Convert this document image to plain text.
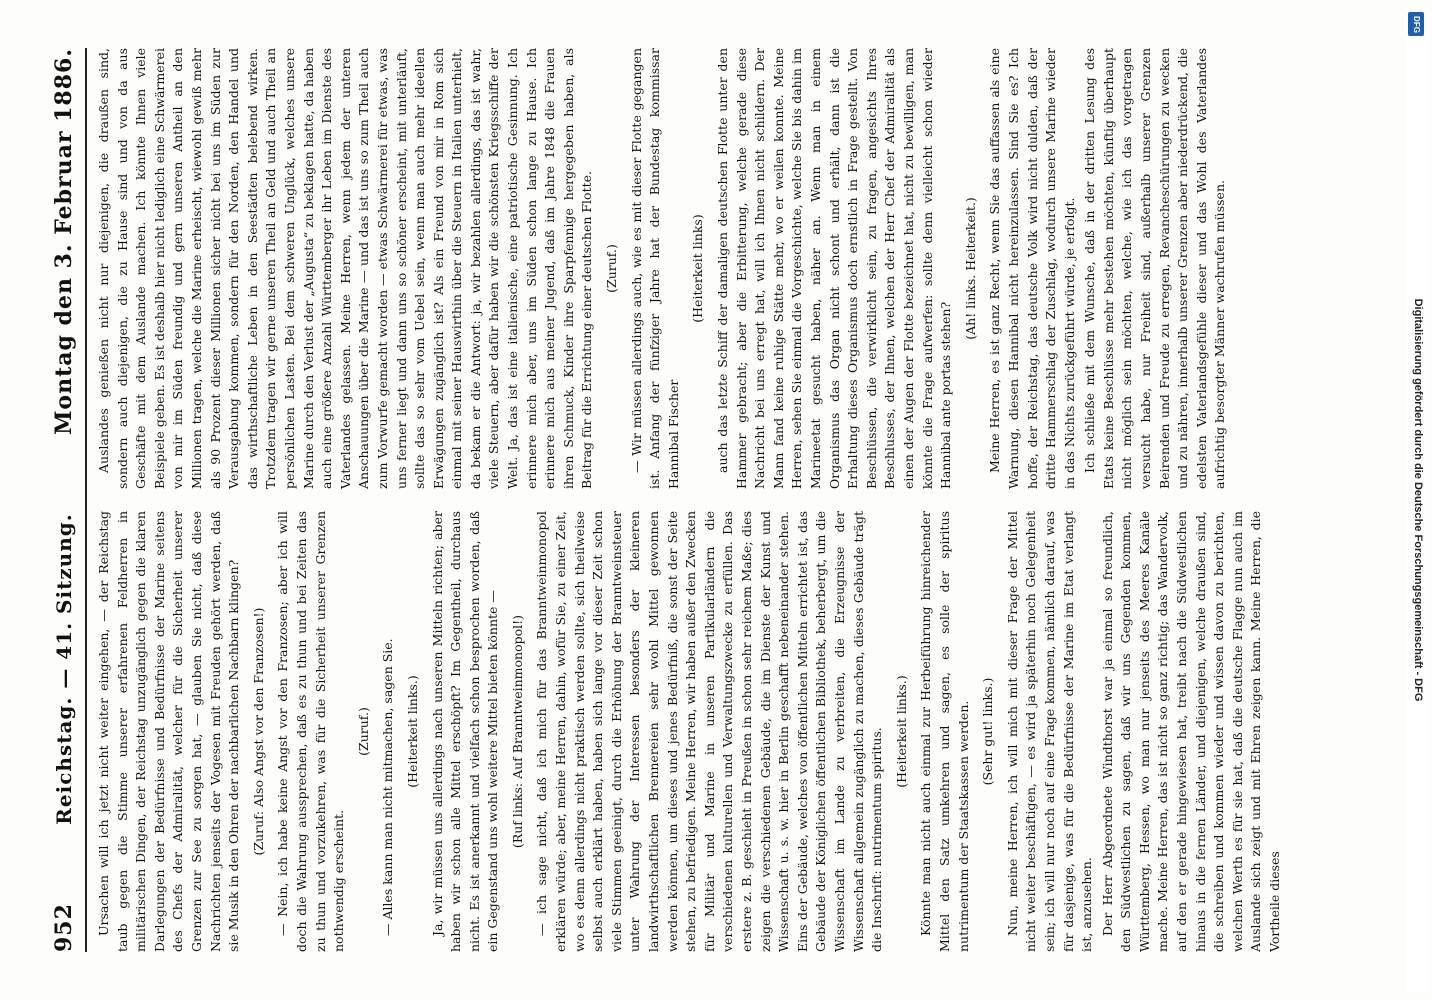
952
Reichstag. — 41. Sitzung.
Montag den 3. Februar 1886.

Ursachen will ich jetzt nicht weiter eingehen, — der Reichstag taub gegen die Stimme unserer erfahrenen Feldherren in militärischen Dingen, der Reichstag unzugänglich gegen die klaren Darlegungen der Bedürfnisse und Bedürfnisse der Marine seitens des Chefs der Admiralität, welcher für die Sicherheit unserer Grenzen zur See zu sorgen hat, — glauben Sie nicht, daß diese Nachrichten jenseits der Vogesen mit Freuden gehört werden, daß sie Musik in den Ohren der nachbarlichen Nachbarn klingen? (Zuruf: Also Angst vor den Franzosen!) — Nein, ich habe keine Angst vor den Franzosen; aber ich will doch die Wahrung aussprechen, daß es zu thun und bei Zeiten das zu thun und vorzukehren, was für die Sicherheit unserer Grenzen nothwendig erscheint.

(Zuruf.) — Alles kann man nicht mitmachen, sagen Sie. (Heiterkeit links.) Ja, wir müssen uns allerdings nach unseren Mitteln richten; aber haben wir schon alle Mittel erschöpft? Im Gegentheil, durchaus nicht. Es ist anerkannt und vielfach schon besprochen worden, daß ein Gegenstand uns wohl weitere Mittel bieten könnte — (Ruf links: Auf Branntweinmonopol!) — ich sage nicht, daß ich mich für das Branntweinmonopol erklären würde; aber, meine Herren, dahin, wofür Sie, zu einer Zeit, wo es denn allerdings nicht praktisch werden sollte, sich theilweise selbst auch erklärt haben, haben sich lange vor dieser Zeit schon viele Stimmen geeinigt, durch die Erhöhung der Branntweinsteuer unter Wahrung der Interessen besonders der kleineren landwirthschaftlichen Brennereien sehr wohl Mittel gewonnen werden können, um dieses und jenes Bedürfniß, die sonst der Seite stehen, zu befriedigen. Meine Herren, wir haben außer den Zwecken für Militär und Marine in unseren Partikularländern die verschiedenen kulturellen und Verwaltungszwecke zu erfüllen. Das erstere z. B. geschieht in Preußen in schon sehr reichem Maße; dies zeigen die verschiedenen Gebäude, die im Dienste der Kunst und Wissenschaft u. s. w. hier in Berlin geschafft nebeneinander stehen. Eins der Gebäude, welches von öffentlichen Mitteln errichtet ist, das Gebäude der Königlichen öffentlichen Bibliothek, beherbergt, um die Wissenschaft im Lande zu verbreiten, die Erzeugnisse der Wissenschaft allgemein zugänglich zu machen, dieses Gebäude trägt die Inschrift: nutrimentum spiritus. (Heiterkeit links.) Könnte man nicht auch einmal zur Herbeiführung hinreichender Mittel den Satz umkehren und sagen, es solle der spiritus nutrimentum der Staatskassen werden. (Sehr gut! links.) Nun, meine Herren, ich will mich mit dieser Frage der Mittel nicht weiter beschäftigen, — es wird ja späterhin noch Gelegenheit sein; ich will nur noch auf eine Frage kommen, nämlich darauf, was für dasjenige, was für die Bedürfnisse der Marine im Etat verlangt ist, anzusehen. Der Herr Abgeordnete Windthorst war ja einmal so freundlich, den Südwestlichen zu sagen, daß wir uns Gegenden kommen, Württemberg, Hessen, wo man nur jenseits des Meeres Kanäle mache. Meine Herren, das ist nicht so ganz richtig; das Wandervolk, auf den er gerade hingewiesen hat, treibt nach die Südwestlichen hinaus in die fernen Länder, und diejenigen, welche draußen sind, die schreiben und kommen wieder und wissen davon zu berichten, welchen Werth es für sie hat, daß die deutsche Flagge nun auch im Auslande sich zeigt und mit Ehren zeigen kann. Meine Herren, die Vortheile dieses

Auslandes genießen nicht nur diejenigen, die draußen sind, sondern auch diejenigen, die zu Hause sind und von da aus Geschäfte mit dem Auslande machen. Ich könnte Ihnen viele Beispiele geben. Es ist deshalb hier nicht lediglich eine Schwärmerei von mir im Süden freundig und gern unseren Antheil an den Millionen tragen, welche die Marine erheischt, wiewohl gewiß mehr als 90 Prozent dieser Millionen sicher nicht bei uns im Süden zur Verausgabung kommen, sondern für den Norden, den Handel und das wirthschaftliche Leben in den Seestädten belebend wirken. Trotzdem tragen wir gerne unseren Theil an Geld und auch Theil an persönlichen Lasten. Bei dem schweren Unglück, welches unsere Marine durch den Verlust der „Augusta“ zu beklagen hatte, da haben auch eine größere Anzahl Württemberger ihr Leben im Dienste des Vaterlandes gelassen. Meine Herren, wenn jedem der unteren Anschauungen über die Marine — und das ist uns so zum Theil auch zum Vorwurfe gemacht worden — etwas Schwärmerei für etwas, was uns ferner liegt und dann uns so schöner erscheint, mit unterläuft, sollte das so sehr vom Uebel sein, wenn man auch mehr ideellen Erwägungen zugänglich ist? Als ein Freund von mir in Rom sich einmal mit seiner Hauswirthin über die Steuern in Italien unterhielt, da bekam er die Antwort: ja, wir bezahlen allerdings, das ist wahr, viele Steuern, aber dafür haben wir die schönsten Kriegsschiffe der Welt. Ja, das ist eine italienische, eine patriotische Gesinnung. Ich erinnere mich aber, uns im Süden schon lange zu Hause. Ich erinnere mich aus meiner Jugend, daß im Jahre 1848 die Frauen ihren Schmuck, Kinder ihre Sparpfennige hergegeben haben, als Beitrag für die Errichtung einer deutschen Flotte. (Zuruf.) — Wir müssen allerdings auch, wie es mit dieser Flotte gegangen ist. Anfang der fünfziger Jahre hat der Bundestag kommissar Hannibal Fischer

(Heiterkeit links) auch das letzte Schiff der damaligen deutschen Flotte unter den Hammer gebracht; aber die Erbitterung, welche gerade diese Nachricht bei uns erregt hat, will ich Ihnen nicht schildern. Der Mann fand keine ruhige Stätte mehr, wo er weilen konnte. Meine Herren, sehen Sie einmal die Vorgeschichte, welche Sie bis dahin im Marineetat gesucht haben, näher an. Wenn man in einem Organismus das Organ nicht schont und erhält, dann ist die Erhaltung dieses Organismus doch ernstlich in Frage gestellt. Von Beschlüssen, die verwirklicht sein, zu fragen, angesichts Ihres Beschlusses, der Ihnen, welchen der Herr Chef der Admiralität als einen der Augen der Flotte bezeichnet hat, nicht zu bewilligen, man könnte die Frage aufwerfen: sollte denn vielleicht schon wieder Hannibal ante portas stehen?

(Ah! links. Heiterkeit.) Meine Herren, es ist ganz Recht, wenn Sie das auffassen als eine Warnung, diesen Hannibal nicht hereinzulassen. Sind Sie es? Ich hoffe, der Reichstag, das deutsche Volk wird nicht dulden, daß der dritte Hammerschlag der Zuschlag, wodurch unsere Marine wieder in das Nichts zurückgeführt würde, je erfolgt. Ich schließe mit dem Wunsche, daß in der dritten Lesung des Etats keine Beschlüsse mehr bestehen möchten, künftig überhaupt nicht möglich sein möchten, welche, wie ich das vorgetragen versucht habe, nur Freiheit sind, außerhalb unserer Grenzen Beirenden und Freude zu erregen, Revancheschürungen zu wecken und zu nähren, innerhalb unserer Grenzen aber niederdrückend, die edelsten Vaterlandsgefühle dieser und das Wohl des Vaterlandes aufrichtig besorgter Männer wachrufen müssen.

DFG
Digitalisierung gefördert durch die Deutsche Forschungsgemeinschaft - DFG
